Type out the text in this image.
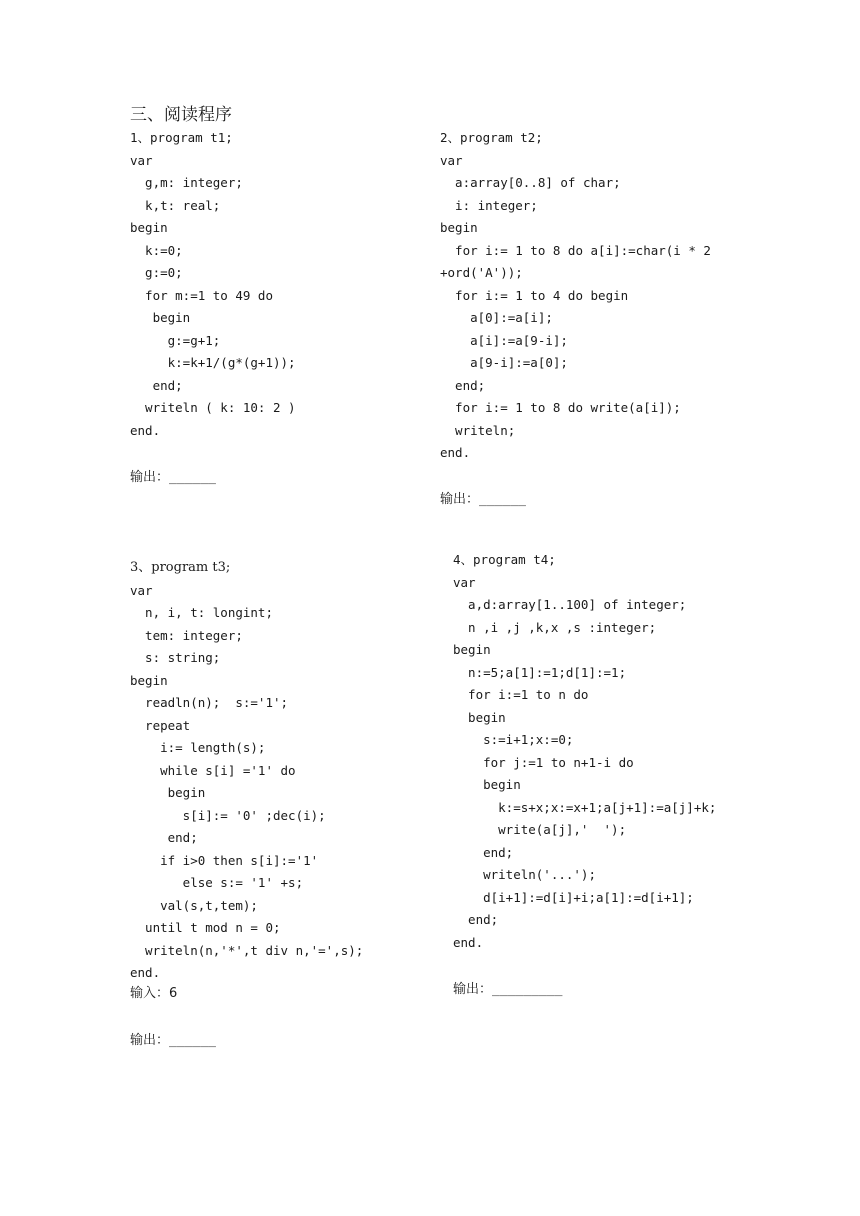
三、阅读程序
1、program t1;
var
g,m: integer;
k,t: real;
begin
k:=0;
g:=0;
for m:=1 to 49 do
begin
g:=g+1;
k:=k+1/(g*(g+1));
end;
writeln ( k: 10: 2 )
end.
输出：______
2、program t2;
var
a:array[0..8] of char;
i: integer;
begin
for i:= 1 to 8 do a[i]:=char(i * 2
+ord('A'));
for i:= 1 to 4 do begin
a[0]:=a[i];
a[i]:=a[9-i];
a[9-i]:=a[0];
end;
for i:= 1 to 8 do write(a[i]);
writeln;
end.
输出：______
3、program t3;
var
n, i, t: longint;
tem: integer;
s: string;
begin
readln(n);  s:='1';
repeat
i:= length(s);
while s[i] ='1' do
begin
s[i]:= '0' ;dec(i);
end;
if i>0 then s[i]:='1'
else s:= '1' +s;
val(s,t,tem);
until t mod n = 0;
writeln(n,'*',t div n,'=',s);
end.
输入：6
输出：______
4、program t4;
var
a,d:array[1..100] of integer;
n ,i ,j ,k,x ,s :integer;
begin
n:=5;a[1]:=1;d[1]:=1;
for i:=1 to n do
begin
s:=i+1;x:=0;
for j:=1 to n+1-i do
begin
k:=s+x;x:=x+1;a[j+1]:=a[j]+k;
write(a[j],'  ');
end;
writeln('...');
d[i+1]:=d[i]+i;a[1]:=d[i+1];
end;
end.
输出：_________
